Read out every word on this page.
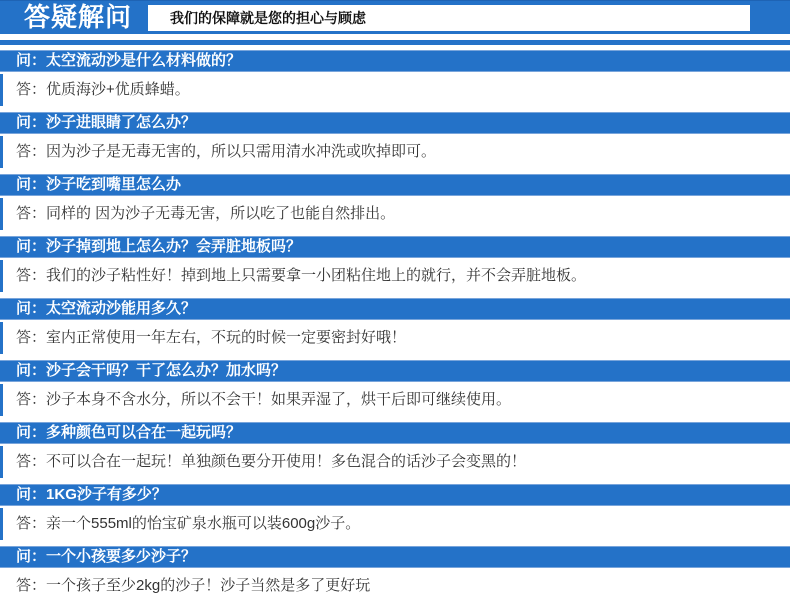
答疑解问	我们的保障就是您的担心与顾虑
问：太空流动沙是什么材料做的？
答：优质海沙+优质蜂蜡。
问：沙子进眼睛了怎么办？
答：因为沙子是无毒无害的，所以只需用清水冲洗或吹掉即可。
问：沙子吃到嘴里怎么办
答：同样的 因为沙子无毒无害，所以吃了也能自然排出。
问：沙子掉到地上怎么办？会弄脏地板吗？
答：我们的沙子粘性好！掉到地上只需要拿一小团粘住地上的就行，并不会弄脏地板。
问：太空流动沙能用多久？
答：室内正常使用一年左右，不玩的时候一定要密封好哦！
问：沙子会干吗？干了怎么办？加水吗？
答：沙子本身不含水分，所以不会干！如果弄湿了，烘干后即可继续使用。
问：多种颜色可以合在一起玩吗？
答：不可以合在一起玩！单独颜色要分开使用！多色混合的话沙子会变黑的！
问：1KG沙子有多少？
答：亲一个555ml的怡宝矿泉水瓶可以装600g沙子。
问：一个小孩要多少沙子？
答：一个孩子至少2kg的沙子！沙子当然是多了更好玩
